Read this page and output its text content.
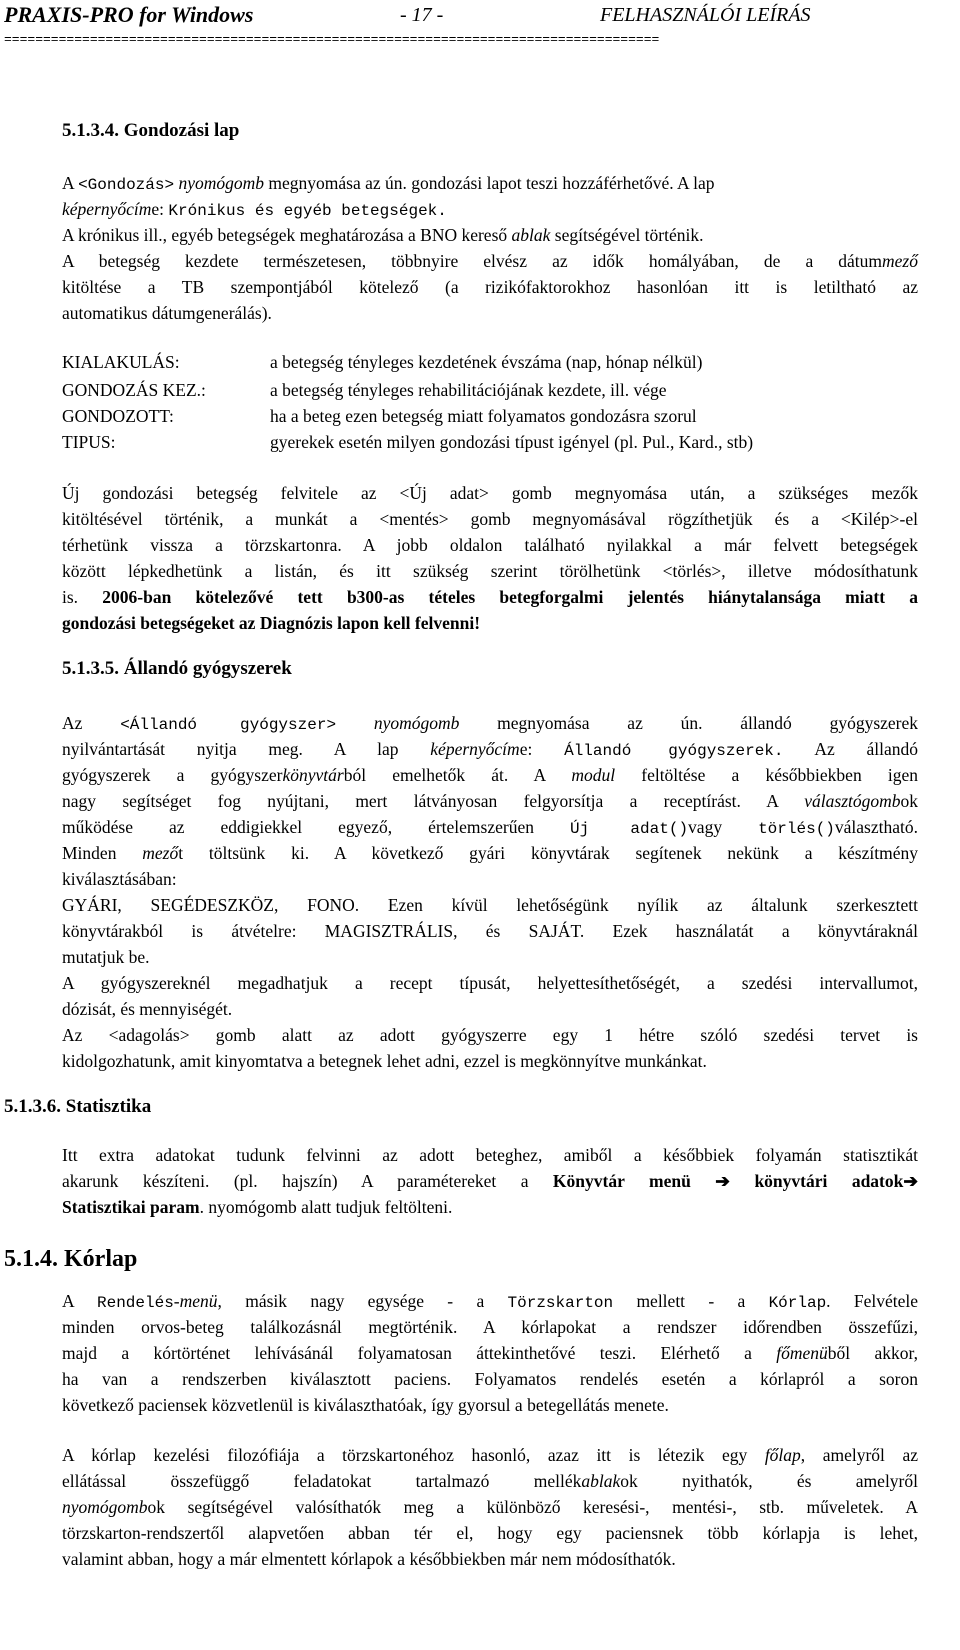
PRAXIS-PRO for Windows	- 17 -	FELHASZNÁLÓI LEÍRÁS
====================================================================================
5.1.3.4. Gondozási lap
A <Gondozás> nyomógomb megnyomása az ún. gondozási lapot teszi hozzáférhetővé. A lap
képernyőcíme: Krónikus és egyéb betegségek.
A krónikus ill., egyéb betegségek meghatározása a BNO kereső ablak segítségével történik.
A betegség kezdete természetesen, többnyire elvész az idők homályában, de a dátummező
kitöltése a TB szempontjából kötelező (a rizikófaktorokhoz hasonlóan itt is letiltható az
automatikus dátumgenerálás).
KIALAKULÁS:	a betegség tényleges kezdetének évszáma (nap, hónap nélkül)
GONDOZÁS KEZ.:	a betegség tényleges rehabilitációjának kezdete, ill. vége
GONDOZOTT:	ha a beteg ezen betegség miatt folyamatos gondozásra szorul
TIPUS:	gyerekek esetén milyen gondozási típust igényel (pl. Pul., Kard., stb)
Új gondozási betegség felvitele az <Új adat> gomb megnyomása után, a szükséges mezők
kitöltésével történik, a munkát a <mentés> gomb megnyomásával rögzíthetjük és a <Kilép>-el
térhetünk vissza a törzskartonra. A jobb oldalon található nyilakkal a már felvett betegségek
között lépkedhetünk a listán, és itt szükség szerint törölhetünk <törlés>, illetve módosíthatunk
is. 2006-ban kötelezővé tett b300-as tételes betegforgalmi jelentés hiánytalansága miatt a
gondozási betegségeket az Diagnózis lapon kell felvenni!
5.1.3.5. Állandó gyógyszerek
Az <Állandó gyógyszer> nyomógomb megnyomása az ún. állandó gyógyszerek
nyilvántartását nyitja meg. A lap képernyőcíme: Állandó gyógyszerek. Az állandó
gyógyszerek a gyógyszerkönyvtárból emelhetők át. A modul feltöltése a későbbiekben igen
nagy segítséget fog nyújtani, mert látványosan felgyorsítja a receptírást. A választógombok
működése az eddigiekkel egyező, értelemszerűen Új adat()vagy törlés()választható.
Minden mezőt töltsünk ki. A következő gyári könyvtárak segítenek nekünk a készítmény
kiválasztásában:
GYÁRI, SEGÉDESZKÖZ, FONO. Ezen kívül lehetőségünk nyílik az általunk szerkesztett
könyvtárakból is átvételre: MAGISZTRÁLIS, és SAJÁT. Ezek használatát a könyvtáraknál
mutatjuk be.
A gyógyszereknél megadhatjuk a recept típusát, helyettesíthetőségét, a szedési intervallumot,
dózisát, és mennyiségét.
Az <adagolás> gomb alatt az adott gyógyszerre egy 1 hétre szóló szedési tervet is
kidolgozhatunk, amit kinyomtatva a betegnek lehet adni, ezzel is megkönnyítve munkánkat.
5.1.3.6. Statisztika
Itt extra adatokat tudunk felvinni az adott beteghez, amiből a későbbiek folyamán statisztikát
akarunk készíteni. (pl. hajszín) A paramétereket a Könyvtár menü ➔ könyvtári adatok➔
Statisztikai param. nyomógomb alatt tudjuk feltölteni.
5.1.4. Kórlap
A Rendelés-menü, másik nagy egysége - a Törzskarton mellett - a Kórlap. Felvétele
minden orvos-beteg találkozásnál megtörténik. A kórlapokat a rendszer időrendben összefűzi,
majd a kórtörténet lehívásánál folyamatosan áttekinthetővé teszi. Elérhető a főmenüből akkor,
ha van a rendszerben kiválasztott paciens. Folyamatos rendelés esetén a kórlapról a soron
következő paciensek közvetlenül is kiválaszthatóak, így gyorsul a betegellátás menete.
A kórlap kezelési filozófiája a törzskartonéhoz hasonló, azaz itt is létezik egy főlap, amelyről az
ellátással összefüggő feladatokat tartalmazó mellékablakok nyithatók, és amelyről
nyomógombok segítségével valósíthatók meg a különböző keresési-, mentési-, stb. műveletek. A
törzskarton-rendszertől alapvetően abban tér el, hogy egy paciensnek több kórlapja is lehet,
valamint abban, hogy a már elmentett kórlapok a későbbiekben már nem módosíthatók.
